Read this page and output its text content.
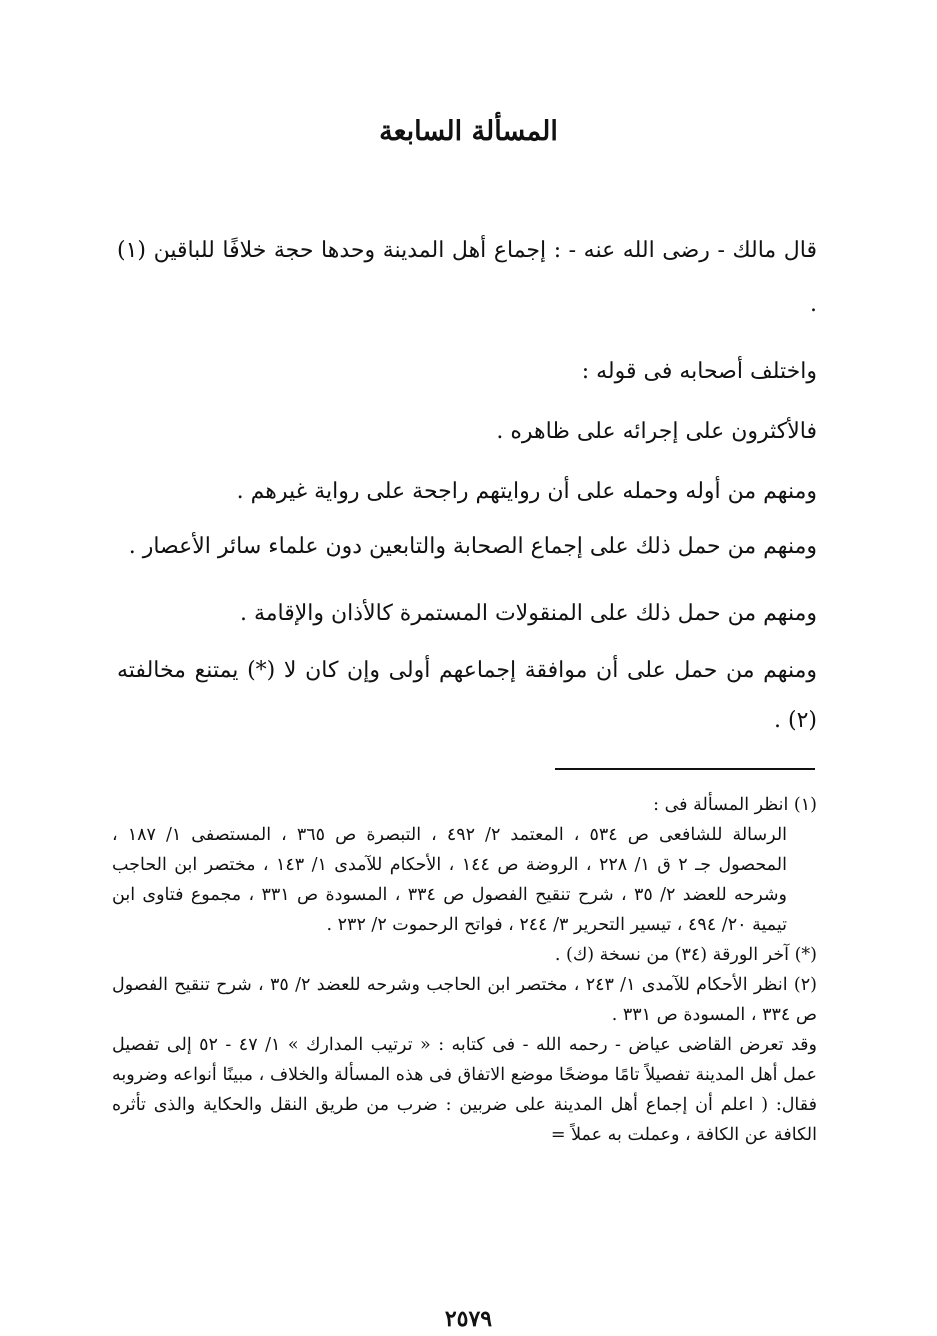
المسألة السابعة

قال مالك - رضى الله عنه - : إجماع أهل المدينة وحدها حجة خلافًا للباقين (١) .

واختلف أصحابه فى قوله :

فالأكثرون على إجرائه على ظاهره .

ومنهم من أوله وحمله على أن روايتهم راجحة على رواية غيرهم .

ومنهم من حمل ذلك على إجماع الصحابة والتابعين دون علماء سائر الأعصار .

ومنهم من حمل ذلك على المنقولات المستمرة كالأذان والإقامة .

ومنهم من حمل على أن موافقة إجماعهم أولى وإن كان لا (*) يمتنع مخالفته (٢) .

(١) انظر المسألة فى :

الرسالة للشافعى ص ٥٣٤ ، المعتمد ٢/ ٤٩٢ ، التبصرة ص ٣٦٥ ، المستصفى ١/ ١٨٧ ، المحصول جـ ٢ ق ١/ ٢٢٨ ، الروضة ص ١٤٤ ، الأحكام للآمدى ١/ ١٤٣ ، مختصر ابن الحاجب وشرحه للعضد ٢/ ٣٥ ، شرح تنقيح الفصول ص ٣٣٤ ، المسودة ص ٣٣١ ، مجموع فتاوى ابن تيمية ٢٠/ ٤٩٤ ، تيسير التحرير ٣/ ٢٤٤ ، فواتح الرحموت ٢/ ٢٣٢ .

(*) آخر الورقة (٣٤) من نسخة (ك) .

(٢) انظر الأحكام للآمدى ١/ ٢٤٣ ، مختصر ابن الحاجب وشرحه للعضد ٢/ ٣٥ ، شرح تنقيح الفصول ص ٣٣٤ ، المسودة ص ٣٣١ .

وقد تعرض القاضى عياض - رحمه الله - فى كتابه : « ترتيب المدارك » ١/ ٤٧ - ٥٢ إلى تفصيل عمل أهل المدينة تفصيلاً تامًا موضحًا موضع الاتفاق فى هذه المسألة والخلاف ، مبينًا أنواعه وضروبه فقال: ( اعلم أن إجماع أهل المدينة على ضربين : ضرب من طريق النقل والحكاية والذى تأثره الكافة عن الكافة ، وعملت به عملاً =

٢٥٧٩
